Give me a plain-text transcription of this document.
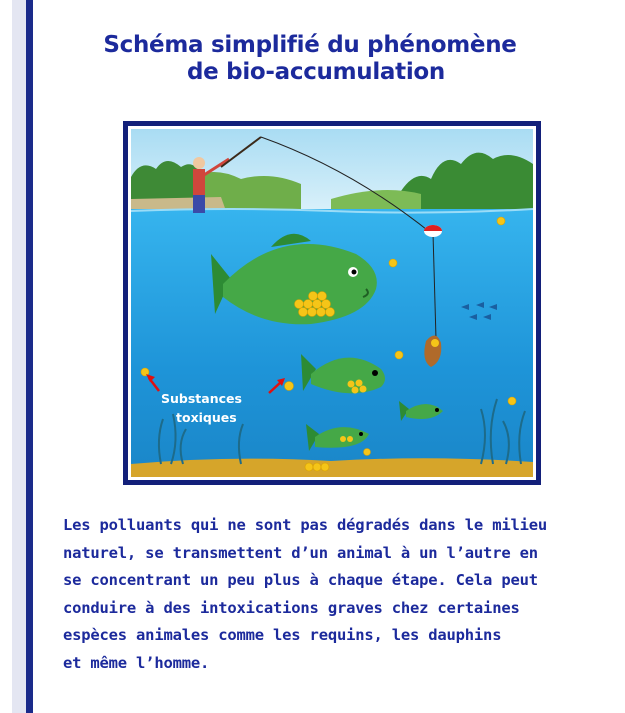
Schéma simplifié du phénomène
de bio-accumulation
Substances
toxiques
Les polluants qui ne sont pas dégradés dans le milieu
naturel, se transmettent d’un animal à un l’autre en
se concentrant un peu plus à chaque étape. Cela peut
conduire à des intoxications graves chez certaines
espèces animales comme les requins, les dauphins
et même l’homme.
